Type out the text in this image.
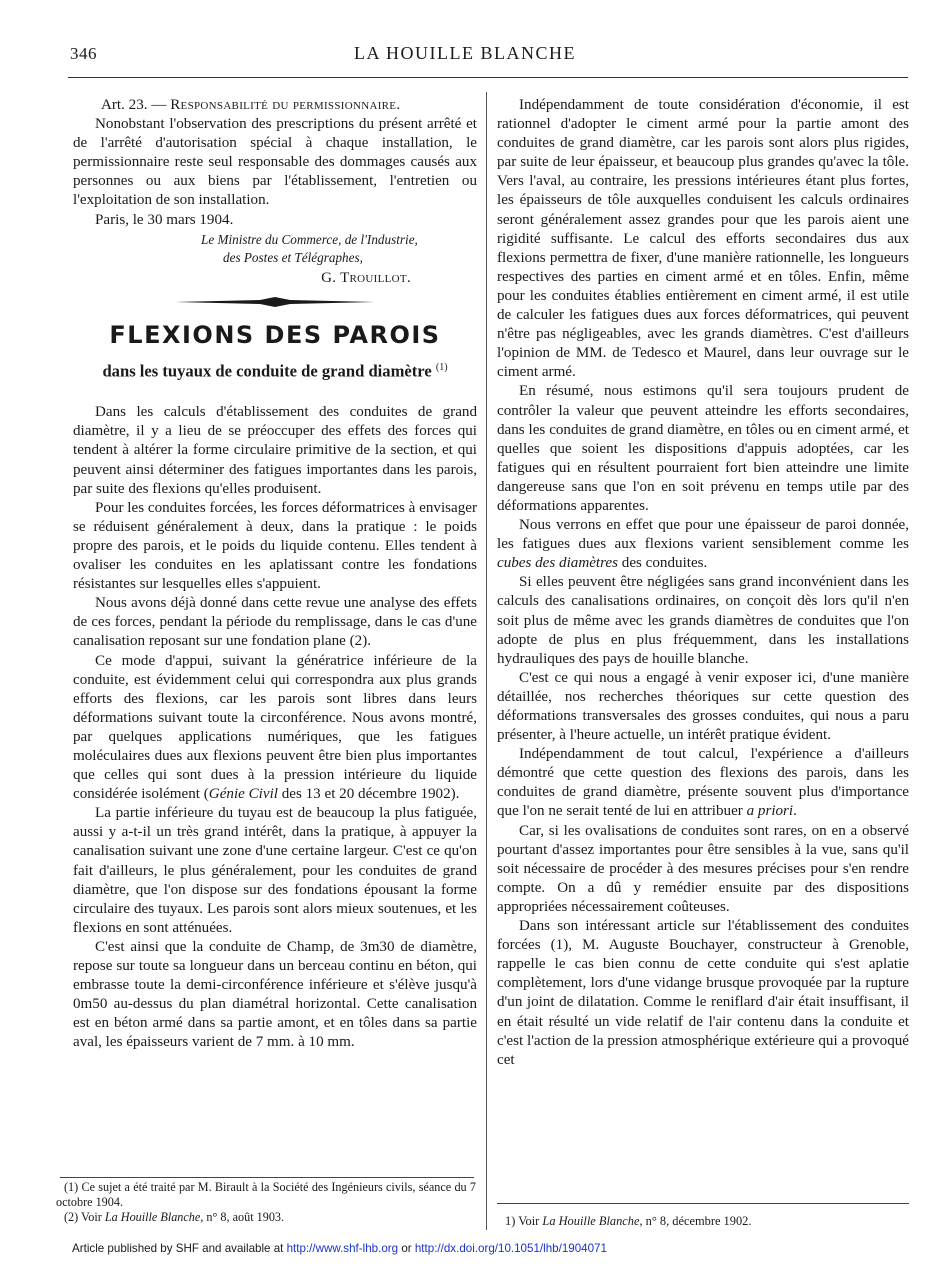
346	LA HOUILLE BLANCHE

Art. 23. — Responsabilité du permissionnaire.

Nonobstant l'observation des prescriptions du présent arrêté et de l'arrêté d'autorisation spécial à chaque installation, le permissionnaire reste seul responsable des dommages causés aux personnes ou aux biens par l'établissement, l'entretien ou l'exploitation de son installation.

Paris, le 30 mars 1904.

Le Ministre du Commerce, de l'Industrie,
des Postes et Télégraphes,
G. Trouillot.
FLEXIONS DES PAROIS
dans les tuyaux de conduite de grand diamètre $^{(1)}$

Dans les calculs d'établissement des conduites de grand diamètre, il y a lieu de se préoccuper des effets des forces qui tendent à altérer la forme circulaire primitive de la section, et qui peuvent ainsi déterminer des fatigues importantes dans les parois, par suite des flexions qu'elles produisent.

Pour les conduites forcées, les forces déformatrices à envisager se réduisent généralement à deux, dans la pratique : le poids propre des parois, et le poids du liquide contenu. Elles tendent à ovaliser les conduites en les aplatissant contre les fondations résistantes sur lesquelles elles s'appuient.

Nous avons déjà donné dans cette revue une analyse des effets de ces forces, pendant la période du remplissage, dans le cas d'une canalisation reposant sur une fondation plane (2).

Ce mode d'appui, suivant la génératrice inférieure de la conduite, est évidemment celui qui correspondra aux plus grands efforts des flexions, car les parois sont libres dans leurs déformations suivant toute la circonférence. Nous avons montré, par quelques applications numériques, que les fatigues moléculaires dues aux flexions peuvent être bien plus importantes que celles qui sont dues à la pression intérieure du liquide considérée isolément (Génie Civil des 13 et 20 décembre 1902).

La partie inférieure du tuyau est de beaucoup la plus fatiguée, aussi y a-t-il un très grand intérêt, dans la pratique, à appuyer la canalisation suivant une zone d'une certaine largeur. C'est ce qu'on fait d'ailleurs, le plus généralement, pour les conduites de grand diamètre, que l'on dispose sur des fondations épousant la forme circulaire des tuyaux. Les parois sont alors mieux soutenues, et les flexions en sont atténuées.

C'est ainsi que la conduite de Champ, de 3m30 de diamètre, repose sur toute sa longueur dans un berceau continu en béton, qui embrasse toute la demi-circonférence inférieure et s'élève jusqu'à 0m50 au-dessus du plan diamétral horizontal. Cette canalisation est en béton armé dans sa partie amont, et en tôles dans sa partie aval, les épaisseurs varient de 7 mm. à 10 mm.

(1) Ce sujet a été traité par M. Birault à la Société des Ingénieurs civils, séance du 7 octobre 1904.

(2) Voir La Houille Blanche, n° 8, août 1903.

Indépendamment de toute considération d'économie, il est rationnel d'adopter le ciment armé pour la partie amont des conduites de grand diamètre, car les parois sont alors plus rigides, par suite de leur épaisseur, et beaucoup plus grandes qu'avec la tôle. Vers l'aval, au contraire, les pressions intérieures étant plus fortes, les épaisseurs de tôle auxquelles conduisent les calculs ordinaires seront généralement assez grandes pour que les parois aient une rigidité suffisante. Le calcul des efforts secondaires dus aux flexions permettra de fixer, d'une manière rationnelle, les longueurs respectives des parties en ciment armé et en tôles. Enfin, même pour les conduites établies entièrement en ciment armé, il est utile de calculer les fatigues dues aux forces déformatrices, qui peuvent n'être pas négligeables, avec les grands diamètres. C'est d'ailleurs l'opinion de MM. de Tedesco et Maurel, dans leur ouvrage sur le ciment armé.

En résumé, nous estimons qu'il sera toujours prudent de contrôler la valeur que peuvent atteindre les efforts secondaires, dans les conduites de grand diamètre, en tôles ou en ciment armé, et quelles que soient les dispositions d'appuis adoptées, car les fatigues qui en résultent pourraient fort bien atteindre une limite dangereuse sans que l'on en soit prévenu en temps utile par des déformations apparentes.

Nous verrons en effet que pour une épaisseur de paroi donnée, les fatigues dues aux flexions varient sensiblement comme les cubes des diamètres des conduites.

Si elles peuvent être négligées sans grand inconvénient dans les calculs des canalisations ordinaires, on conçoit dès lors qu'il n'en soit plus de même avec les grands diamètres de conduites que l'on adopte de plus en plus fréquemment, dans les installations hydrauliques des pays de houille blanche.

C'est ce qui nous a engagé à venir exposer ici, d'une manière détaillée, nos recherches théoriques sur cette question des déformations transversales des grosses conduites, qui nous a paru présenter, à l'heure actuelle, un intérêt pratique évident.

Indépendamment de tout calcul, l'expérience a d'ailleurs démontré que cette question des flexions des parois, dans les conduites de grand diamètre, présente souvent plus d'importance que l'on ne serait tenté de lui en attribuer a priori.

Car, si les ovalisations de conduites sont rares, on en a observé pourtant d'assez importantes pour être sensibles à la vue, sans qu'il soit nécessaire de procéder à des mesures précises pour s'en rendre compte. On a dû y remédier ensuite par des dispositions appropriées nécessairement coûteuses.

Dans son intéressant article sur l'établissement des conduites forcées (1), M. Auguste Bouchayer, constructeur à Grenoble, rappelle le cas bien connu de cette conduite qui s'est aplatie complètement, lors d'une vidange brusque provoquée par la rupture d'un joint de dilatation. Comme le reniflard d'air était insuffisant, il en était résulté un vide relatif de l'air contenu dans la conduite et c'est l'action de la pression atmosphérique extérieure qui a provoqué cet

1) Voir La Houille Blanche, n° 8, décembre 1902.

Article published by SHF and available at http://www.shf-lhb.org or http://dx.doi.org/10.1051/lhb/1904071
